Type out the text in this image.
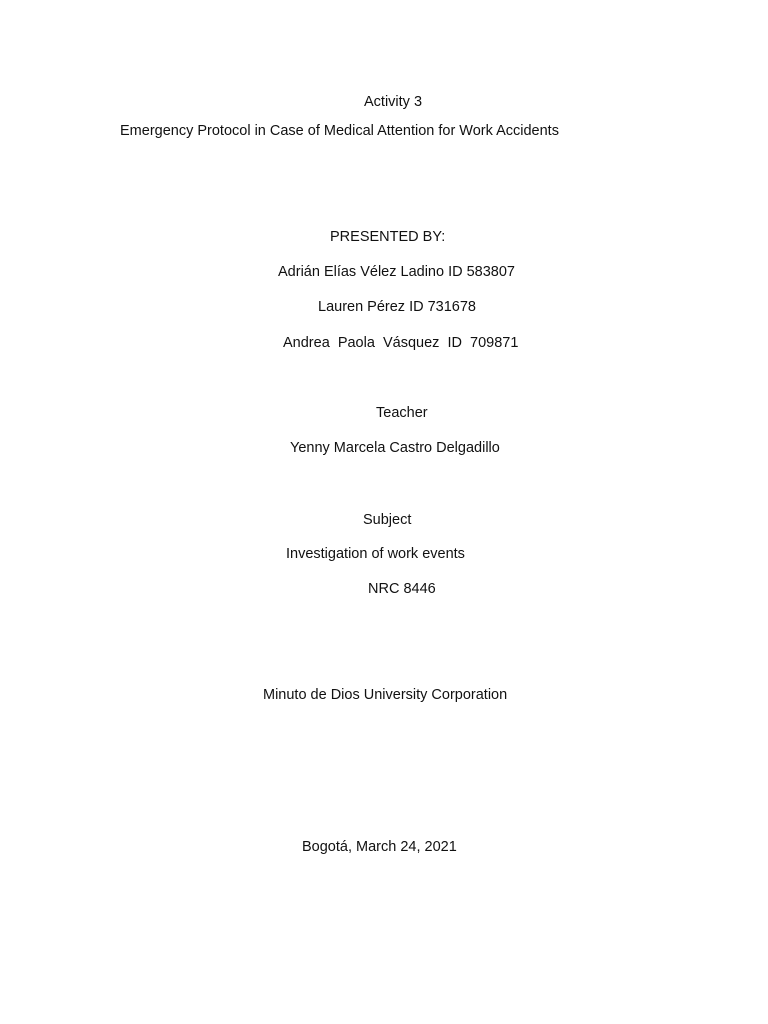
Activity 3
Emergency Protocol in Case of Medical Attention for Work Accidents
PRESENTED BY:
Adrián Elías Vélez Ladino ID 583807
Lauren Pérez ID 731678
Andrea  Paola  Vásquez  ID  709871
Teacher
Yenny Marcela Castro Delgadillo
Subject
Investigation of work events
NRC 8446
Minuto de Dios University Corporation
Bogotá, March 24, 2021
